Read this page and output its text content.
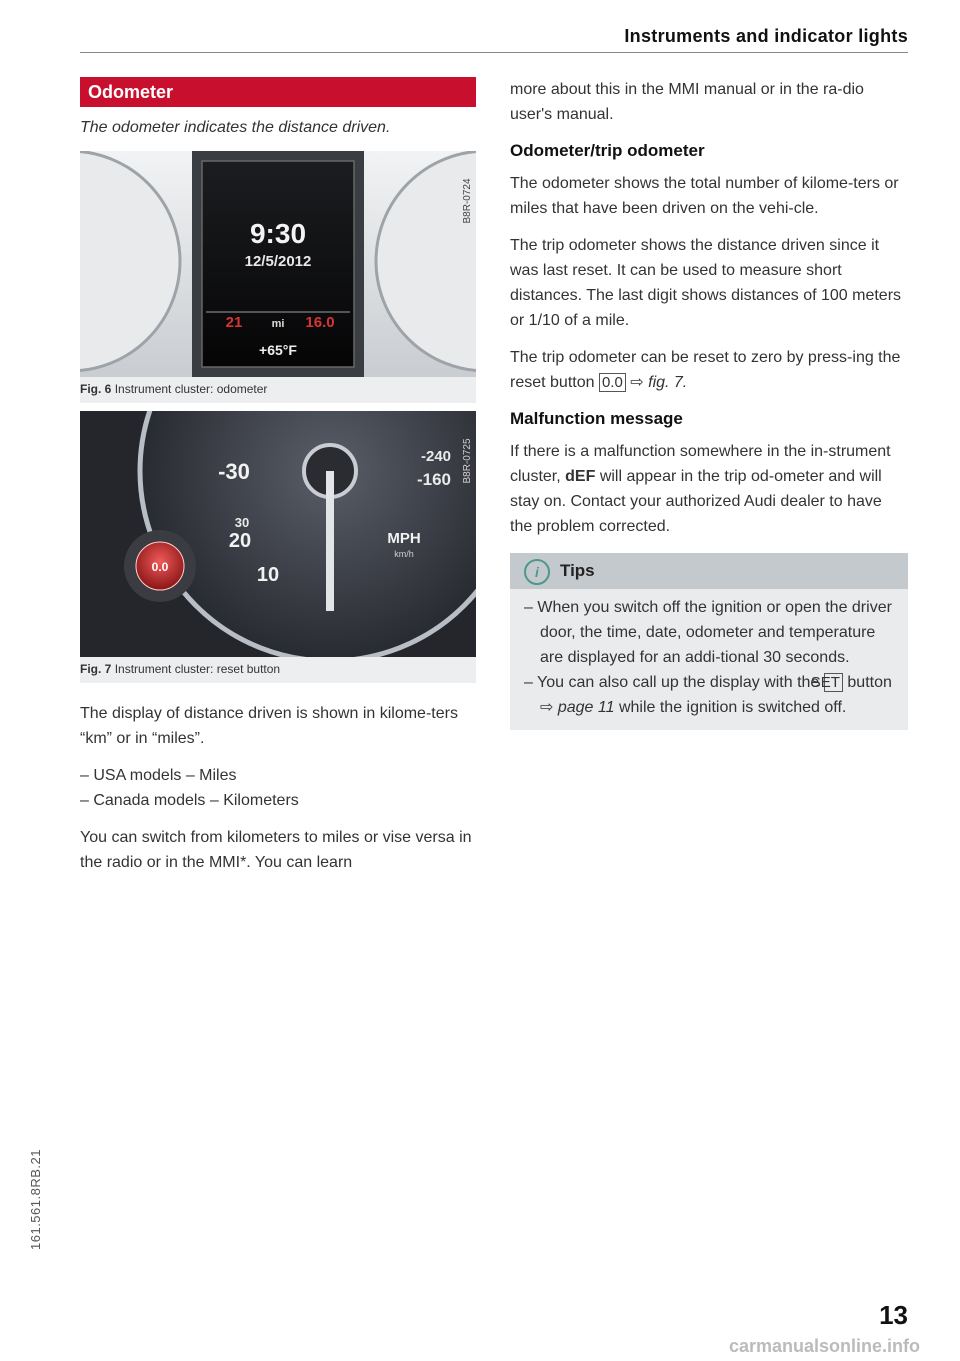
Instruments and indicator lights
Odometer
The odometer indicates the distance driven.
9:30
12/5/2012
21	mi 16.0
+65°F
B8R-0724
Fig. 6 Instrument cluster: odometer
-30
30
20
10
-240
-160
MPH
km/h
0.0
B8R-0725
Fig. 7 Instrument cluster: reset button

The display of distance driven is shown in kilome-ters “km” or in “miles”.

– USA models – Miles
– Canada models – Kilometers

You can switch from kilometers to miles or vise versa in the radio or in the MMI*. You can learn

more about this in the MMI manual or in the ra-dio user's manual.

Odometer/trip odometer

The odometer shows the total number of kilome-ters or miles that have been driven on the vehi-cle.

The trip odometer shows the distance driven since it was last reset. It can be used to measure short distances. The last digit shows distances of 100 meters or 1/10 of a mile.

The trip odometer can be reset to zero by press-ing the reset button 0.0 ⇨ fig. 7.

Malfunction message

If there is a malfunction somewhere in the in-strument cluster, dEF will appear in the trip od-ometer and will stay on. Contact your authorized Audi dealer to have the problem corrected.

i Tips
– When you switch off the ignition or open the driver door, the time, date, odometer and temperature are displayed for an addi-tional 30 seconds.
– You can also call up the display with the SET button ⇨ page 11 while the ignition is switched off.
161.561.8RB.21
13
carmanualsonline.info
